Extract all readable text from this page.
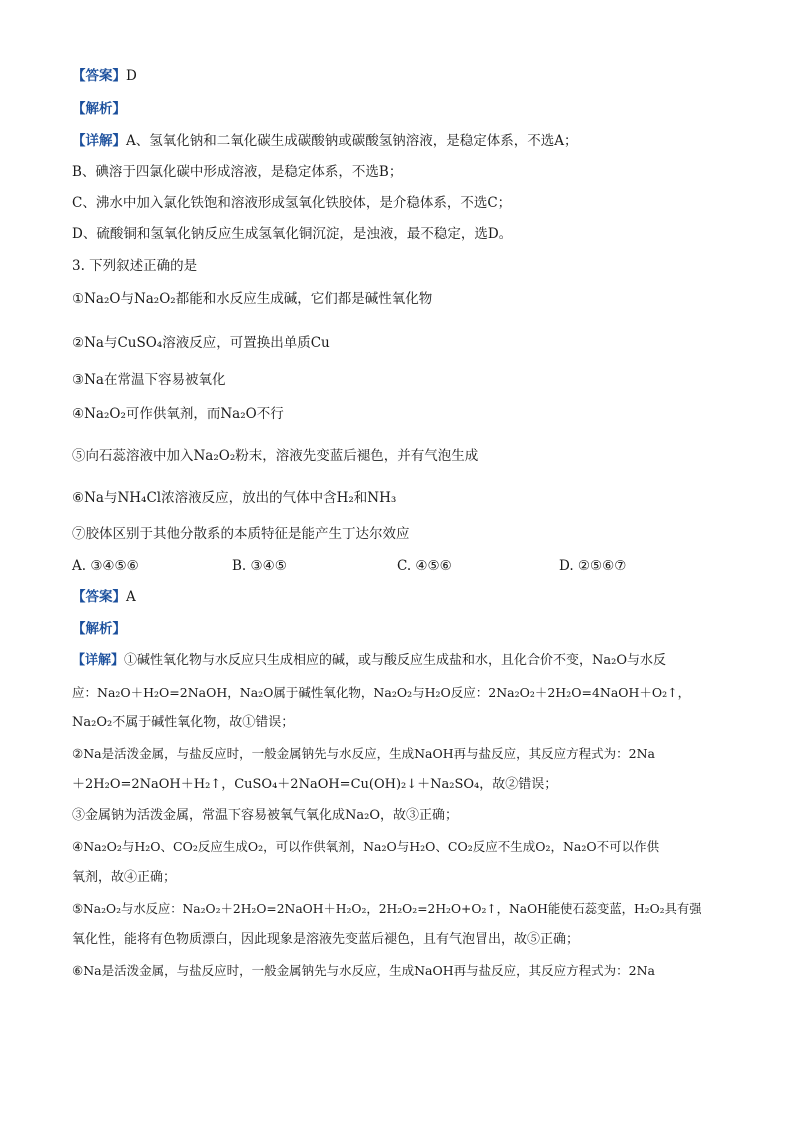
【答案】D
【解析】
【详解】A、氢氧化钠和二氧化碳生成碳酸钠或碳酸氢钠溶液，是稳定体系，不选A；
B、碘溶于四氯化碳中形成溶液，是稳定体系，不选B；
C、沸水中加入氯化铁饱和溶液形成氢氧化铁胶体，是介稳体系，不选C；
D、硫酸铜和氢氧化钠反应生成氢氧化铜沉淀，是浊液，最不稳定，选D。
3. 下列叙述正确的是
①Na₂O与Na₂O₂都能和水反应生成碱，它们都是碱性氧化物
②Na与CuSO₄溶液反应，可置换出单质Cu
③Na在常温下容易被氧化
④Na₂O₂可作供氧剂，而Na₂O不行
⑤向石蕊溶液中加入Na₂O₂粉末，溶液先变蓝后褪色，并有气泡生成
⑥Na与NH₄Cl浓溶液反应，放出的气体中含H₂和NH₃
⑦胶体区别于其他分散系的本质特征是能产生丁达尔效应
A. ③④⑤⑥	B. ③④⑤	C. ④⑤⑥	D. ②⑤⑥⑦
【答案】A
【解析】
【详解】①碱性氧化物与水反应只生成相应的碱，或与酸反应生成盐和水，且化合价不变，Na₂O与水反
应：Na₂O＋H₂O=2NaOH，Na₂O属于碱性氧化物，Na₂O₂与H₂O反应：2Na₂O₂＋2H₂O=4NaOH＋O₂↑，
Na₂O₂不属于碱性氧化物，故①错误；
②Na是活泼金属，与盐反应时，一般金属钠先与水反应，生成NaOH再与盐反应，其反应方程式为：2Na
＋2H₂O=2NaOH＋H₂↑，CuSO₄＋2NaOH=Cu(OH)₂↓＋Na₂SO₄，故②错误；
③金属钠为活泼金属，常温下容易被氧气氧化成Na₂O，故③正确；
④Na₂O₂与H₂O、CO₂反应生成O₂，可以作供氧剂，Na₂O与H₂O、CO₂反应不生成O₂，Na₂O不可以作供
氧剂，故④正确；
⑤Na₂O₂与水反应：Na₂O₂＋2H₂O=2NaOH＋H₂O₂，2H₂O₂=2H₂O+O₂↑，NaOH能使石蕊变蓝，H₂O₂具有强
氧化性，能将有色物质漂白，因此现象是溶液先变蓝后褪色，且有气泡冒出，故⑤正确；
⑥Na是活泼金属，与盐反应时，一般金属钠先与水反应，生成NaOH再与盐反应，其反应方程式为：2Na
